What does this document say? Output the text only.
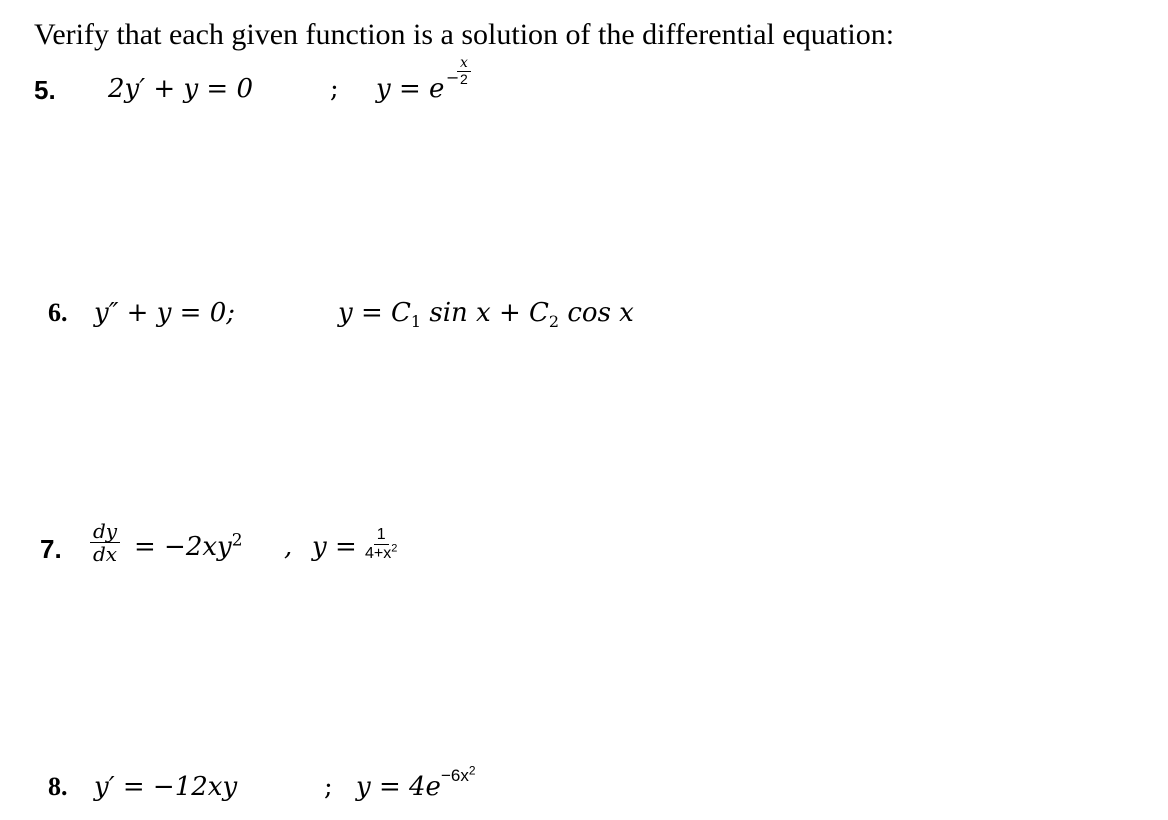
Verify that each given function is a solution of the differential equation:
5. 2y′ + y = 0	; y = e −
$\frac{x}{2}$
6. y″ + y = 0;	$y = C_1$ $\sin x + C_2$ cos x
7. $\frac{dy}{dx} = -2xy^2$ , $y = \frac{1}{4+x^2}$
8. y′ = −12xy	; $y = 4e^{-6x^2}$
